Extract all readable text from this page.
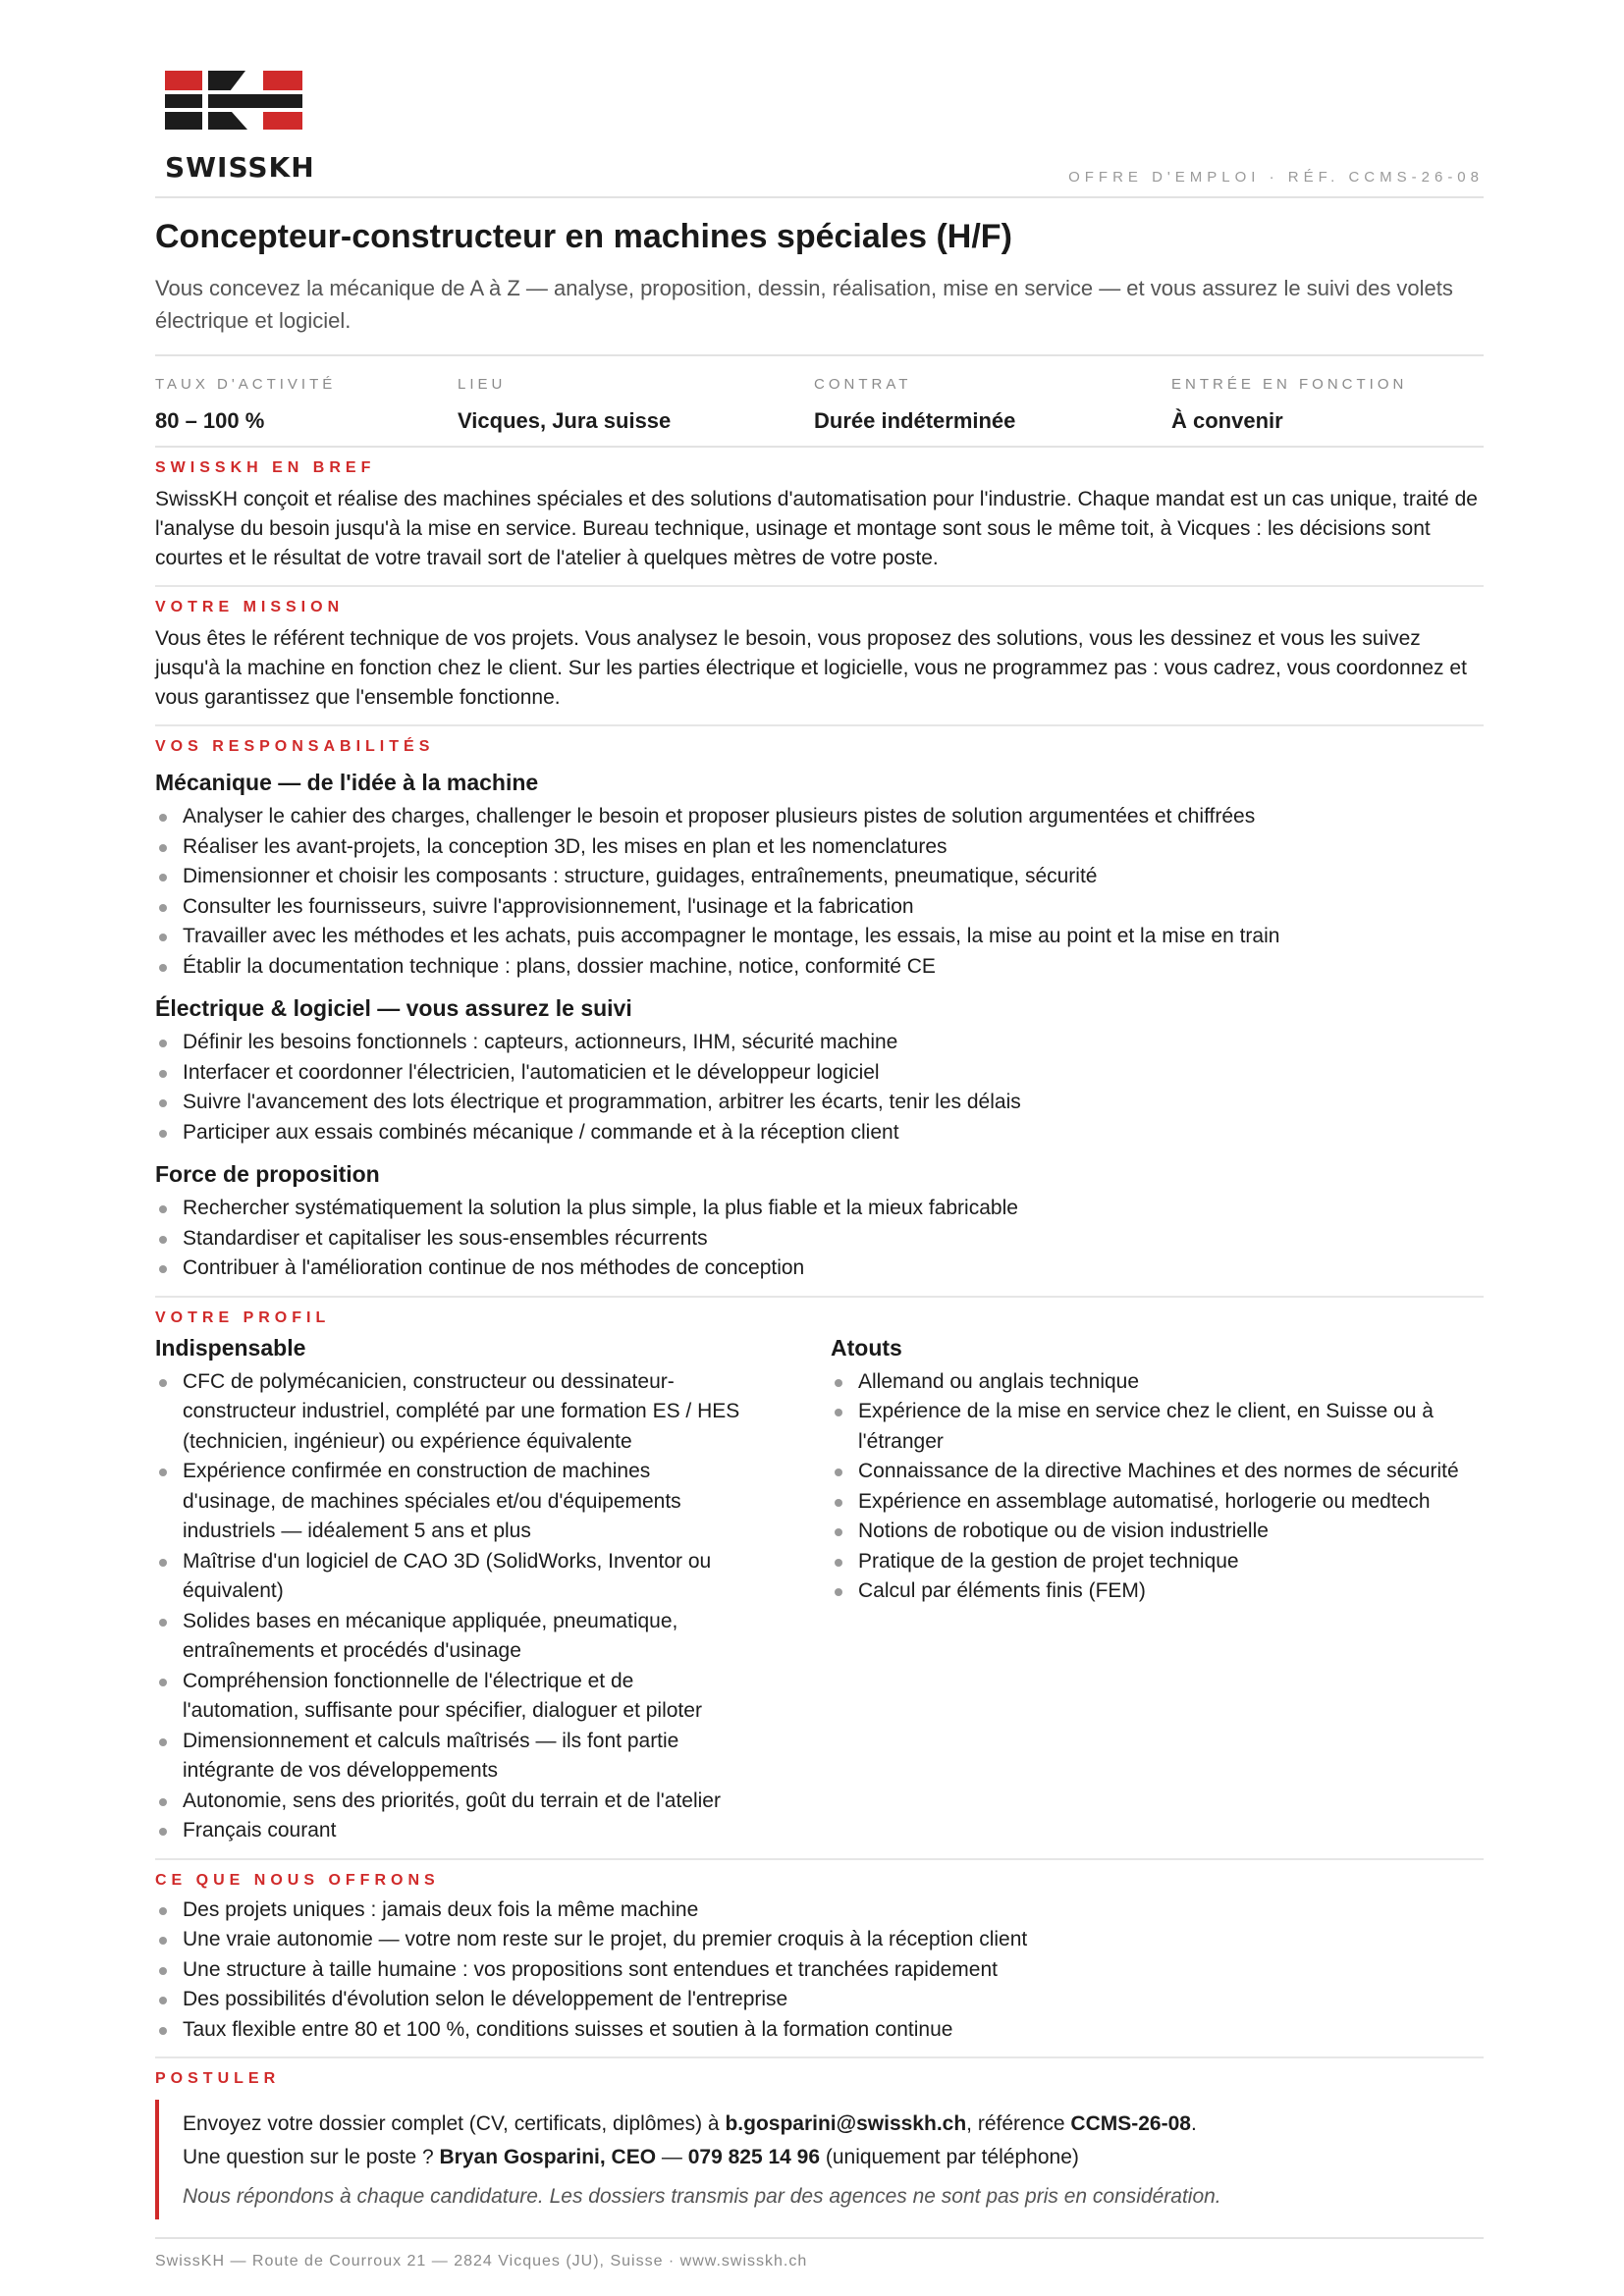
SWISSKH	OFFRE D'EMPLOI · RÉF. CCMS-26-08
Concepteur-constructeur en machines spéciales (H/F)

Vous concevez la mécanique de A à Z — analyse, proposition, dessin, réalisation, mise en service — et vous assurez le suivi des volets électrique et logiciel.

TAUX D'ACTIVITÉ
80 – 100 %
LIEU
Vicques, Jura suisse
CONTRAT
Durée indéterminée
ENTRÉE EN FONCTION
À convenir
SWISSKH EN BREF

SwissKH conçoit et réalise des machines spéciales et des solutions d'automatisation pour l'industrie. Chaque mandat est un cas unique, traité de l'analyse du besoin jusqu'à la mise en service. Bureau technique, usinage et montage sont sous le même toit, à Vicques : les décisions sont courtes et le résultat de votre travail sort de l'atelier à quelques mètres de votre poste.

VOTRE MISSION

Vous êtes le référent technique de vos projets. Vous analysez le besoin, vous proposez des solutions, vous les dessinez et vous les suivez jusqu'à la machine en fonction chez le client. Sur les parties électrique et logicielle, vous ne programmez pas : vous cadrez, vous coordonnez et vous garantissez que l'ensemble fonctionne.

VOS RESPONSABILITÉS
Mécanique — de l'idée à la machine
Analyser le cahier des charges, challenger le besoin et proposer plusieurs pistes de solution argumentées et chiffrées
Réaliser les avant-projets, la conception 3D, les mises en plan et les nomenclatures
Dimensionner et choisir les composants : structure, guidages, entraînements, pneumatique, sécurité
Consulter les fournisseurs, suivre l'approvisionnement, l'usinage et la fabrication
Travailler avec les méthodes et les achats, puis accompagner le montage, les essais, la mise au point et la mise en train
Établir la documentation technique : plans, dossier machine, notice, conformité CE
Électrique & logiciel — vous assurez le suivi
Définir les besoins fonctionnels : capteurs, actionneurs, IHM, sécurité machine
Interfacer et coordonner l'électricien, l'automaticien et le développeur logiciel
Suivre l'avancement des lots électrique et programmation, arbitrer les écarts, tenir les délais
Participer aux essais combinés mécanique / commande et à la réception client
Force de proposition
Rechercher systématiquement la solution la plus simple, la plus fiable et la mieux fabricable
Standardiser et capitaliser les sous-ensembles récurrents
Contribuer à l'amélioration continue de nos méthodes de conception
VOTRE PROFIL
Indispensable
CFC de polymécanicien, constructeur ou dessinateur-constructeur industriel, complété par une formation ES / HES (technicien, ingénieur) ou expérience équivalente
Expérience confirmée en construction de machines d'usinage, de machines spéciales et/ou d'équipements industriels — idéalement 5 ans et plus
Maîtrise d'un logiciel de CAO 3D (SolidWorks, Inventor ou équivalent)
Solides bases en mécanique appliquée, pneumatique, entraînements et procédés d'usinage
Compréhension fonctionnelle de l'électrique et de l'automation, suffisante pour spécifier, dialoguer et piloter
Dimensionnement et calculs maîtrisés — ils font partie intégrante de vos développements
Autonomie, sens des priorités, goût du terrain et de l'atelier
Français courant
Atouts
Allemand ou anglais technique
Expérience de la mise en service chez le client, en Suisse ou à l'étranger
Connaissance de la directive Machines et des normes de sécurité
Expérience en assemblage automatisé, horlogerie ou medtech
Notions de robotique ou de vision industrielle
Pratique de la gestion de projet technique
Calcul par éléments finis (FEM)
CE QUE NOUS OFFRONS
Des projets uniques : jamais deux fois la même machine
Une vraie autonomie — votre nom reste sur le projet, du premier croquis à la réception client
Une structure à taille humaine : vos propositions sont entendues et tranchées rapidement
Des possibilités d'évolution selon le développement de l'entreprise
Taux flexible entre 80 et 100 %, conditions suisses et soutien à la formation continue
POSTULER
Envoyez votre dossier complet (CV, certificats, diplômes) à b.gosparini@swisskh.ch, référence CCMS-26-08.
Une question sur le poste ? Bryan Gosparini, CEO — 079 825 14 96 (uniquement par téléphone)
Nous répondons à chaque candidature. Les dossiers transmis par des agences ne sont pas pris en considération.
SwissKH — Route de Courroux 21 — 2824 Vicques (JU), Suisse · www.swisskh.ch
